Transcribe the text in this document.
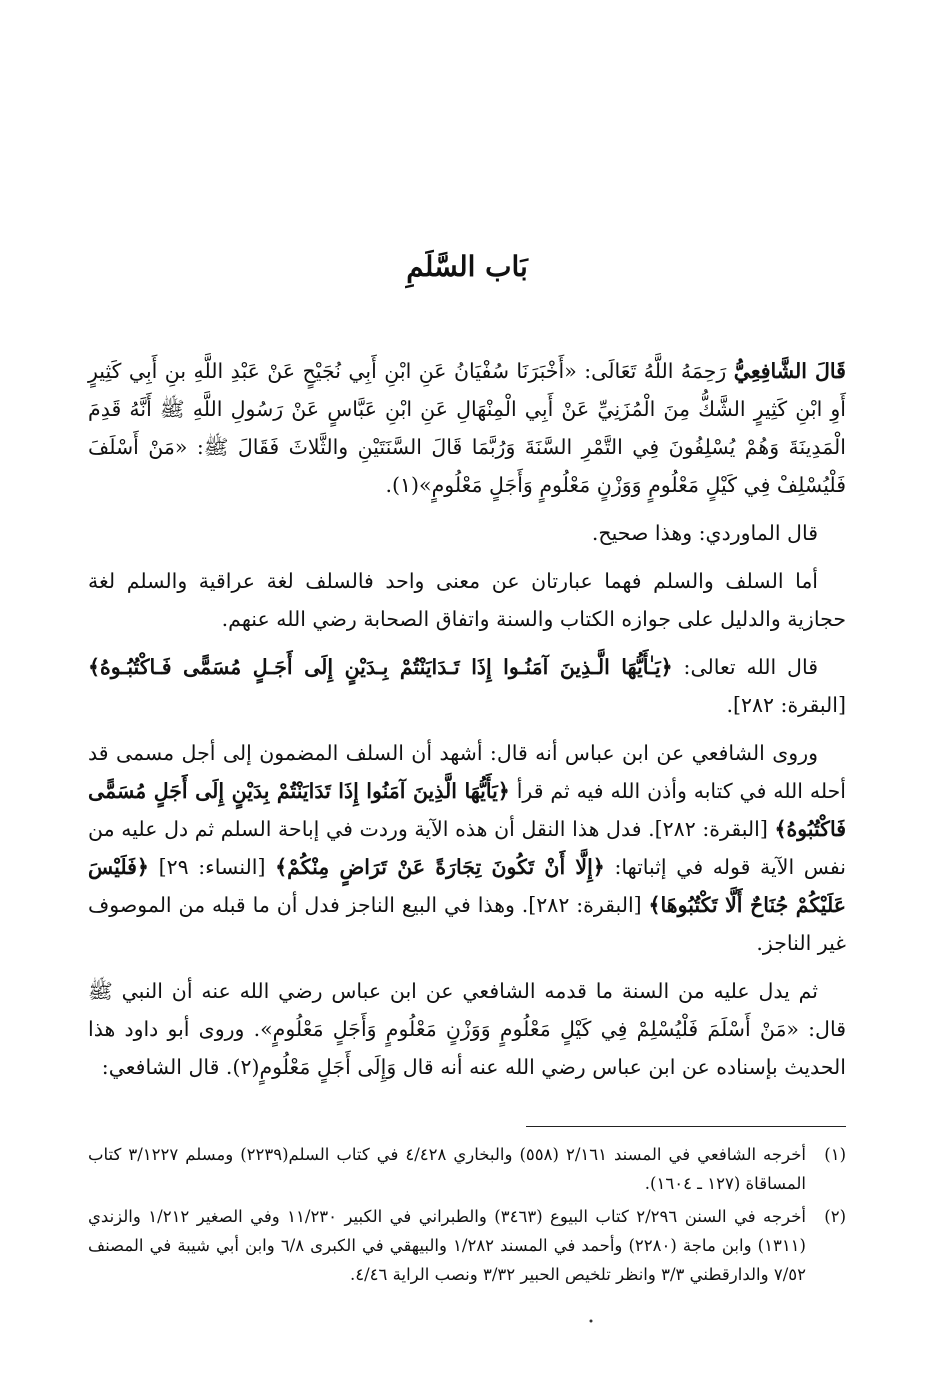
بَاب السَّلَمِ

قَالَ الشَّافِعِيُّ رَحِمَهُ اللَّهُ تَعَالَى: «أَخْبَرَنَا سُفْيَانُ عَنِ ابْنِ أَبِي نُجَيْحٍ عَنْ عَبْدِ اللَّهِ بنِ أَبِي كَثِيرٍ أَوِ ابْنِ كَثِيرٍ الشَّكُّ مِنَ الْمُزَنِيِّ عَنْ أَبِي الْمِنْهَالِ عَنِ ابْنِ عَبَّاسٍ عَنْ رَسُولِ اللَّهِ ﷺ أَنَّهُ قَدِمَ الْمَدِينَةَ وَهُمْ يُسْلِفُونَ فِي التَّمْرِ السَّنَةَ وَرُبَّمَا قَالَ السَّنَتَيْنِ والثَّلاثَ فَقَالَ ﷺ: «مَنْ أَسْلَفَ فَلْيُسْلِفْ فِي كَيْلٍ مَعْلُومٍ وَوَزْنٍ مَعْلُومٍ وَأَجَلٍ مَعْلُومٍ»(١).

قال الماوردي: وهذا صحيح.

أما السلف والسلم فهما عبارتان عن معنى واحد فالسلف لغة عراقية والسلم لغة حجازية والدليل على جوازه الكتاب والسنة واتفاق الصحابة رضي الله عنهم.

قال الله تعالى: ﴿يَـٰأَيُّهَا الَّـذِينَ آمَنُـوا إِذَا تَـدَايَنْتُمْ بِـدَيْنٍ إِلَى أَجَـلٍ مُسَمًّى فَـاكْتُبُـوهُ﴾ [البقرة: ٢٨٢].

وروى الشافعي عن ابن عباس أنه قال: أشهد أن السلف المضمون إلى أجل مسمى قد أحله الله في كتابه وأذن الله فيه ثم قرأ ﴿يَأَيُّهَا الَّذِينَ آمَنُوا إِذَا تَدَايَنْتُمْ بِدَيْنٍ إِلَى أَجَلٍ مُسَمًّى فَاكْتُبُوهُ﴾ [البقرة: ٢٨٢]. فدل هذا النقل أن هذه الآية وردت في إباحة السلم ثم دل عليه من نفس الآية قوله في إثباتها: ﴿إِلَّا أَنْ تَكُونَ تِجَارَةً عَنْ تَرَاضٍ مِنْكُمْ﴾ [النساء: ٢٩] ﴿فَلَيْسَ عَلَيْكُمْ جُنَاحٌ أَلَّا تَكْتُبُوهَا﴾ [البقرة: ٢٨٢]. وهذا في البيع الناجز فدل أن ما قبله من الموصوف غير الناجز.

ثم يدل عليه من السنة ما قدمه الشافعي عن ابن عباس رضي الله عنه أن النبي ﷺ قال: «مَنْ أَسْلَمَ فَلْيُسْلِمْ فِي كَيْلٍ مَعْلُومٍ وَوَزْنٍ مَعْلُومٍ وَأَجَلٍ مَعْلُومٍ». وروى أبو داود هذا الحديث بإسناده عن ابن عباس رضي الله عنه أنه قال وَإِلَى أَجَلٍ مَعْلُومٍ(٢). قال الشافعي:

(١)
أخرجه الشافعي في المسند ٢/١٦١ (٥٥٨) والبخاري ٤/٤٢٨ في كتاب السلم(٢٢٣٩) ومسلم ٣/١٢٢٧ كتاب المساقاة (١٢٧ ـ ١٦٠٤).
(٢)
أخرجه في السنن ٢/٢٩٦ كتاب البيوع (٣٤٦٣) والطبراني في الكبير ١١/٢٣٠ وفي الصغير ١/٢١٢ والزندي (١٣١١) وابن ماجة (٢٢٨٠) وأحمد في المسند ١/٢٨٢ والبيهقي في الكبرى ٦/٨ وابن أبي شيبة في المصنف ٧/٥٢ والدارقطني ٣/٣ وانظر تلخيص الحبير ٣/٣٢ ونصب الراية ٤/٤٦.
